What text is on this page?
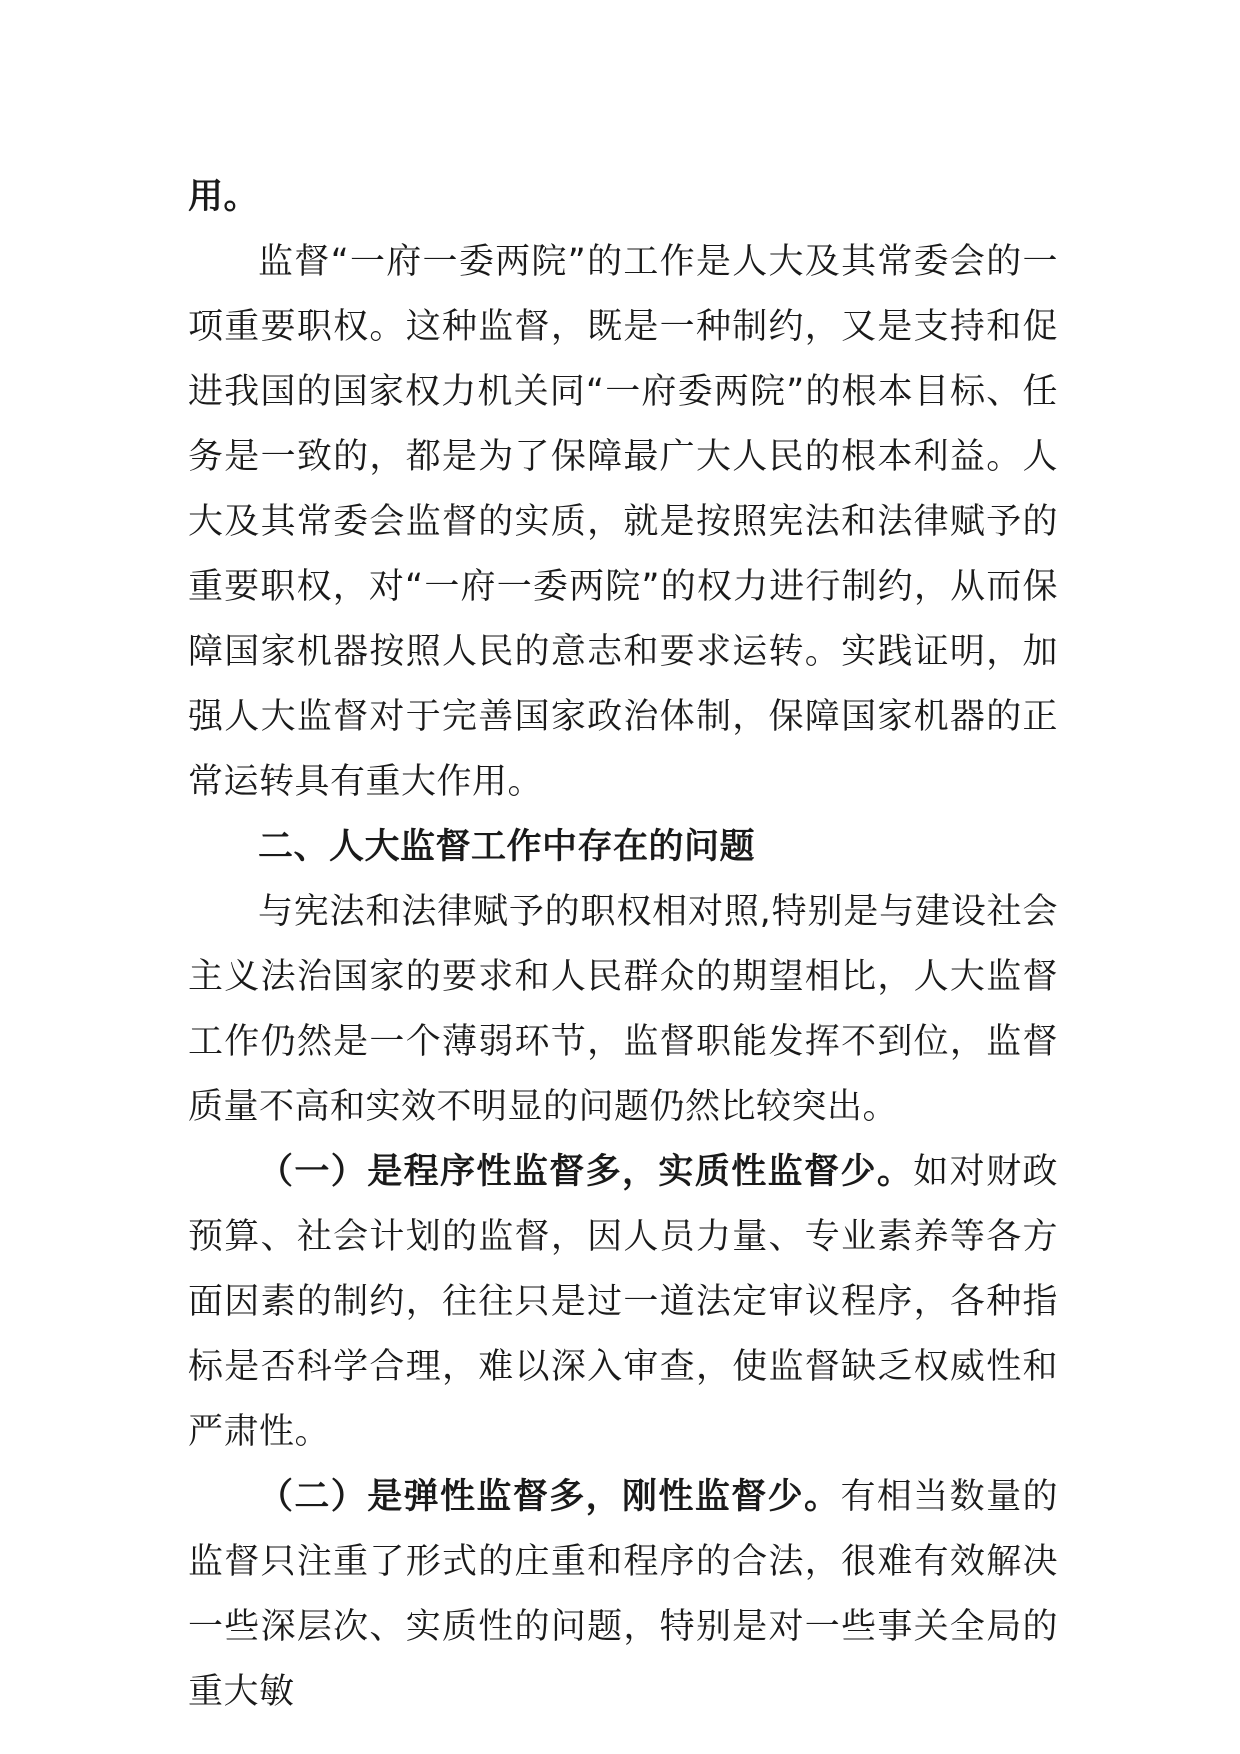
用。

监督“一府一委两院”的工作是人大及其常委会的一项重要职权。这种监督，既是一种制约，又是支持和促进我国的国家权力机关同“一府委两院”的根本目标、任务是一致的，都是为了保障最广大人民的根本利益。人大及其常委会监督的实质，就是按照宪法和法律赋予的重要职权，对“一府一委两院”的权力进行制约，从而保障国家机器按照人民的意志和要求运转。实践证明，加强人大监督对于完善国家政治体制，保障国家机器的正常运转具有重大作用。

二、人大监督工作中存在的问题

与宪法和法律赋予的职权相对照,特别是与建设社会主义法治国家的要求和人民群众的期望相比，人大监督工作仍然是一个薄弱环节，监督职能发挥不到位，监督质量不高和实效不明显的问题仍然比较突出。

（一）是程序性监督多，实质性监督少。如对财政预算、社会计划的监督，因人员力量、专业素养等各方面因素的制约，往往只是过一道法定审议程序，各种指标是否科学合理，难以深入审查，使监督缺乏权威性和严肃性。

（二）是弹性监督多，刚性监督少。有相当数量的监督只注重了形式的庄重和程序的合法，很难有效解决一些深层次、实质性的问题，特别是对一些事关全局的重大敏
